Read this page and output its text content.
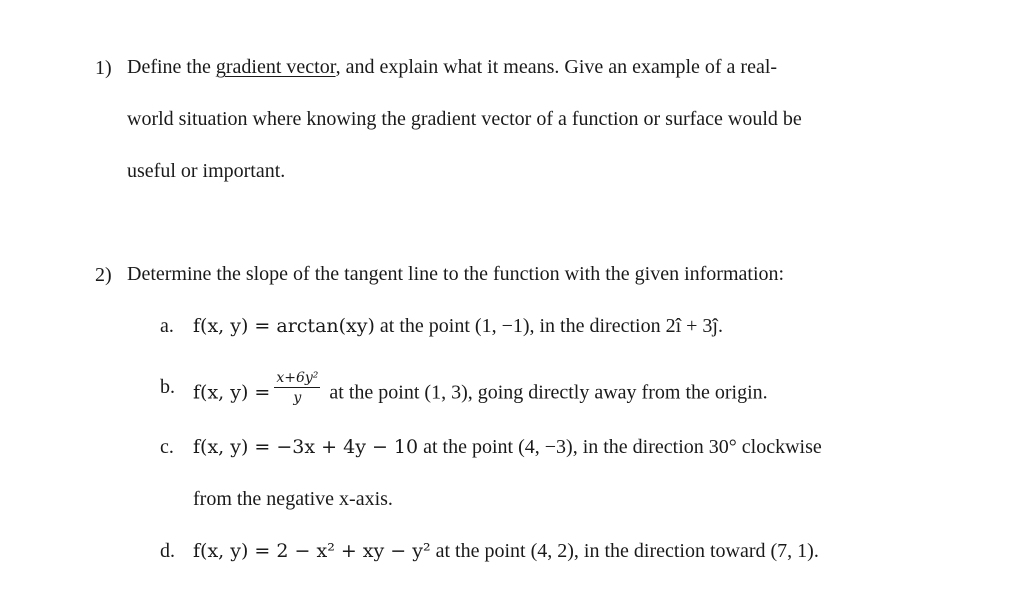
1) Define the gradient vector, and explain what it means. Give an example of a real-
world situation where knowing the gradient vector of a function or surface would be
useful or important.
2) Determine the slope of the tangent line to the function with the given information:
a. f(x, y) = arctan(xy) at the point (1, −1), in the direction 2î + 3ĵ.
b. f(x, $y) = \frac{\text{x+6y²}}{y}$ at the point (1, 3), going directly away from the origin.
c. f(x, y) = −3x + 4y − 10 at the point (4, −3), in the direction 30° clockwise
from the negative x-axis.
d. f(x, y) = 2 − x² + xy − y² at the point (4, 2), in the direction toward (7, 1).
